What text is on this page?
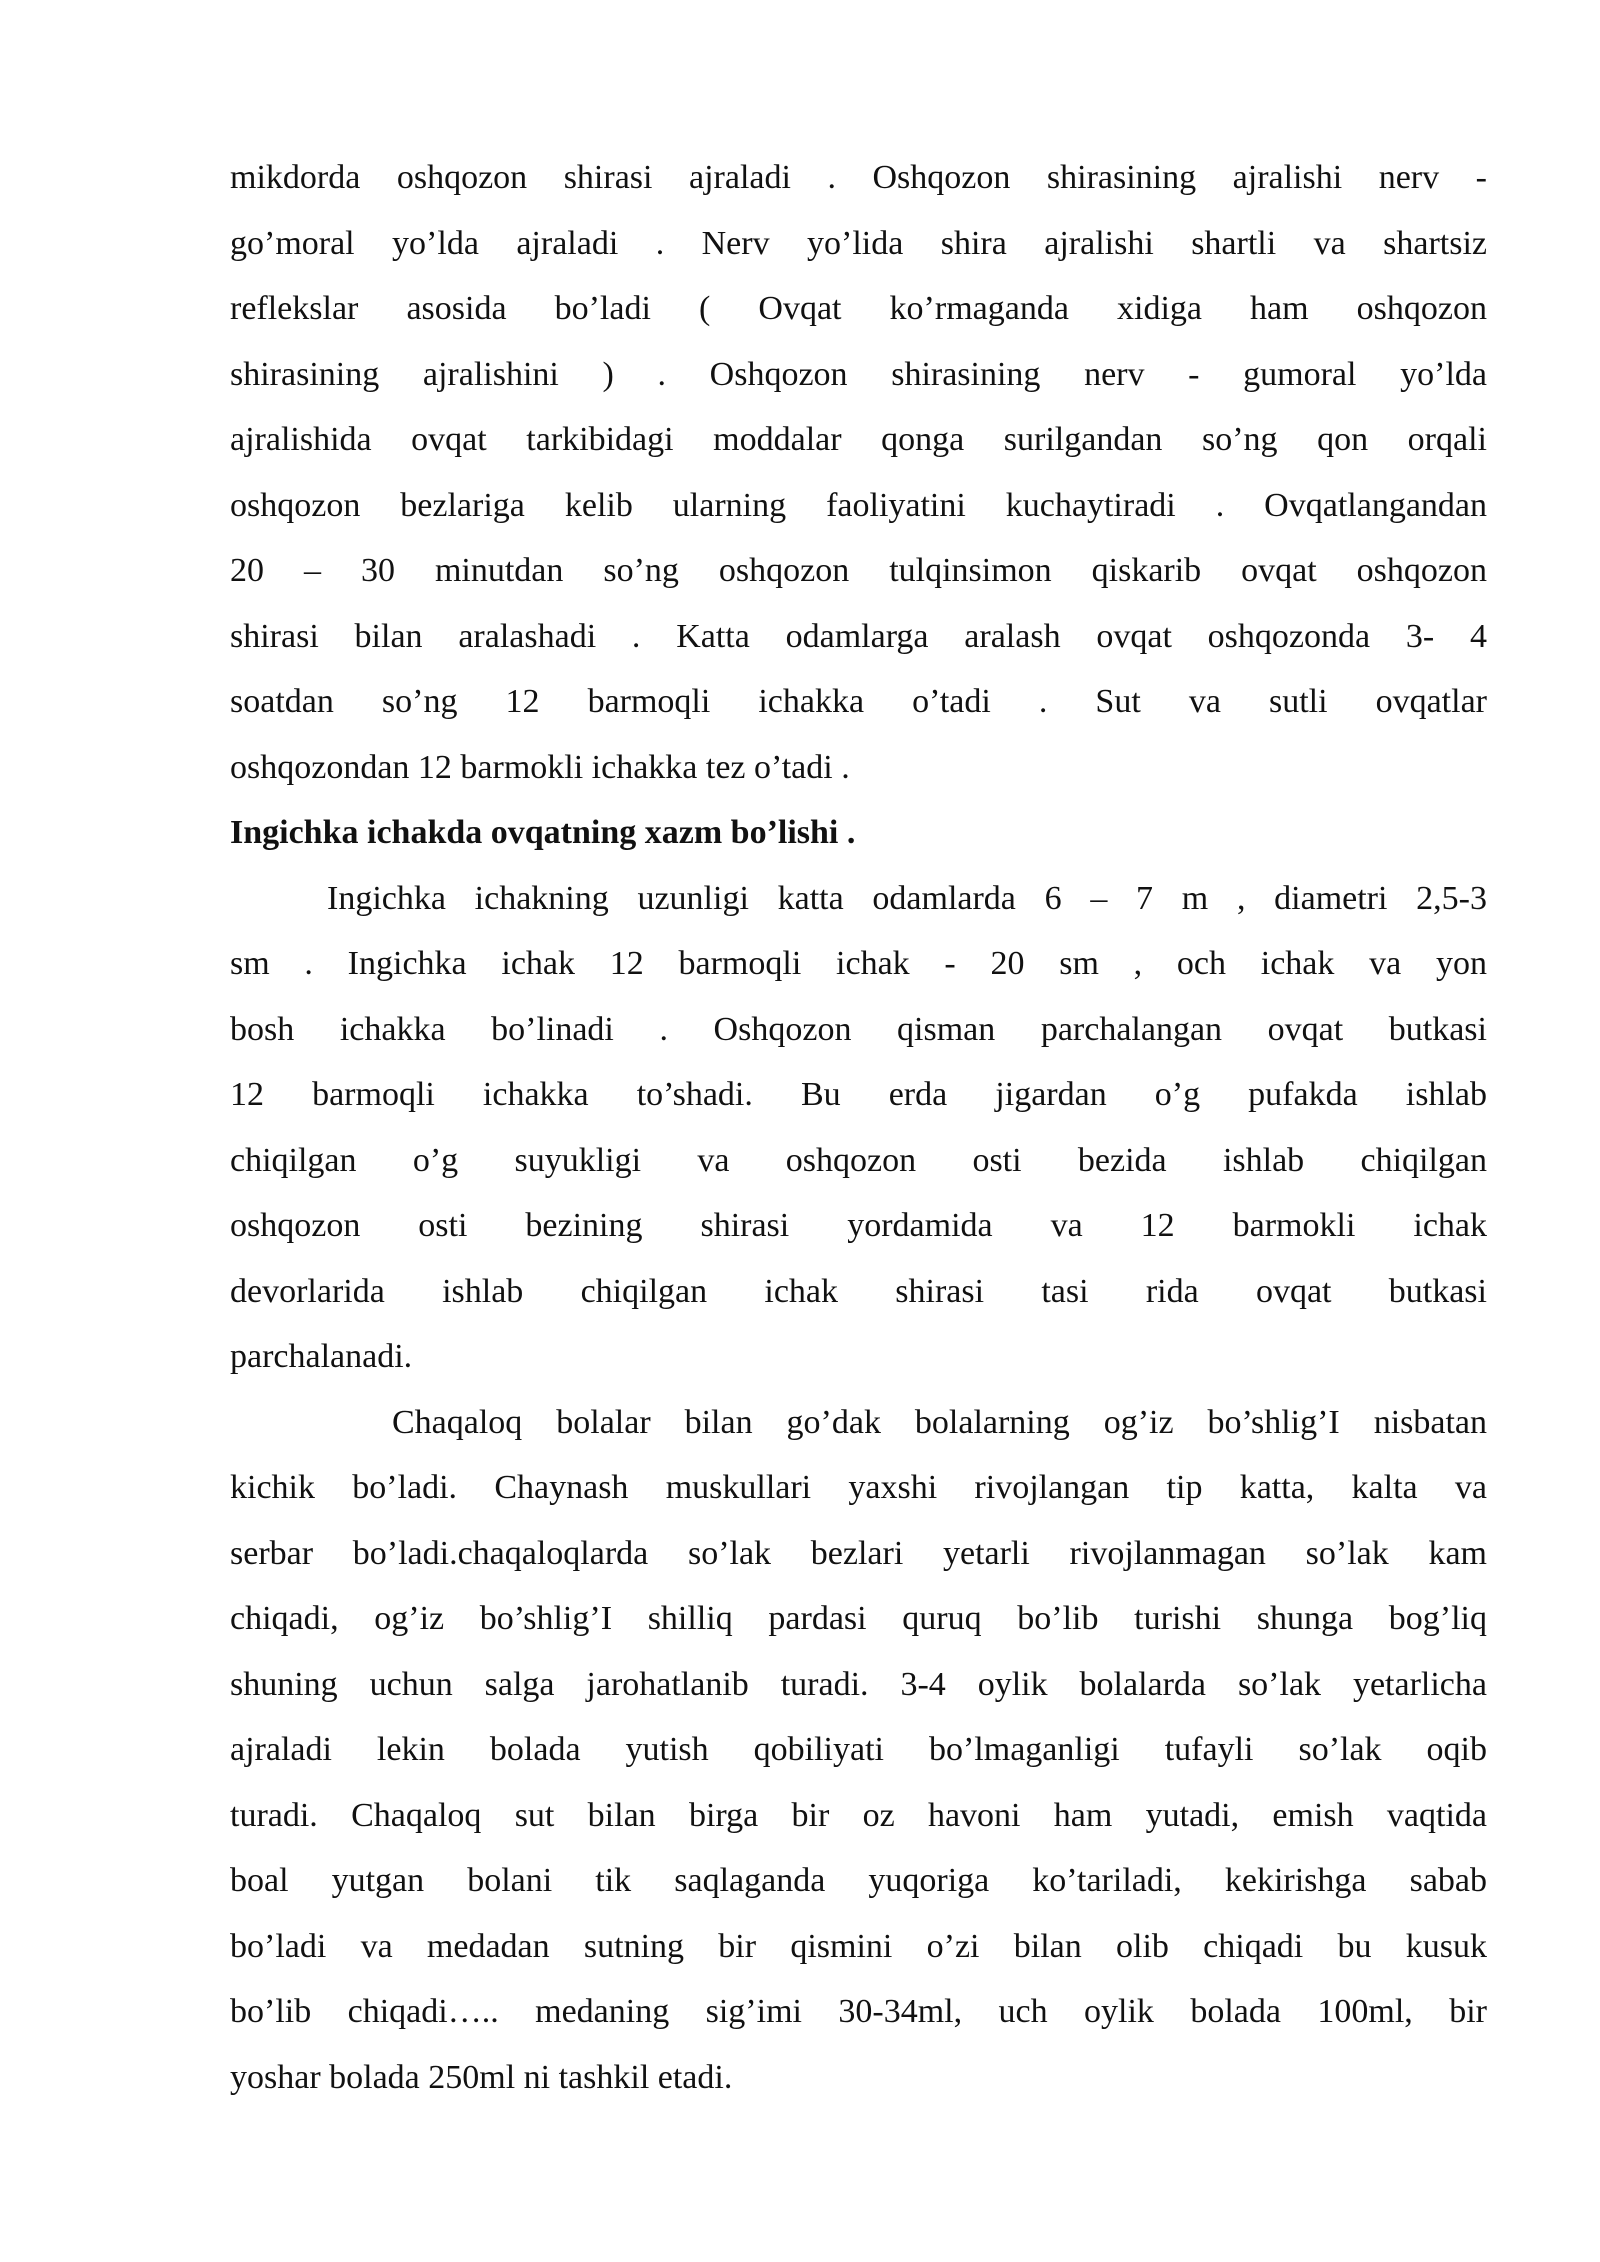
mikdorda oshqozon shirasi ajraladi . Oshqozon shirasining ajralishi nerv -
go’moral yo’lda ajraladi . Nerv yo’lida shira ajralishi shartli va shartsiz
reflekslar asosida bo’ladi ( Ovqat ko’rmaganda xidiga ham oshqozon
shirasining ajralishini ) . Oshqozon shirasining nerv - gumoral yo’lda
ajralishida ovqat tarkibidagi moddalar qonga surilgandan so’ng qon orqali
oshqozon bezlariga kelib ularning faoliyatini kuchaytiradi . Ovqatlangandan
20 – 30 minutdan so’ng oshqozon tulqinsimon qiskarib ovqat oshqozon
shirasi bilan aralashadi . Katta odamlarga aralash ovqat oshqozonda 3- 4
soatdan so’ng 12 barmoqli ichakka o’tadi . Sut va sutli ovqatlar
oshqozondan 12 barmokli ichakka tez o’tadi .
Ingichka ichakda ovqatning xazm bo’lishi .
Ingichka ichakning uzunligi katta odamlarda 6 – 7 m , diametri 2,5-3
sm . Ingichka ichak 12 barmoqli ichak - 20 sm , och ichak va yon
bosh ichakka bo’linadi . Oshqozon qisman parchalangan ovqat butkasi
12 barmoqli ichakka to’shadi. Bu erda jigardan o’g pufakda ishlab
chiqilgan o’g suyukligi va oshqozon osti bezida ishlab chiqilgan
oshqozon osti bezining shirasi yordamida va 12 barmokli ichak
devorlarida ishlab chiqilgan ichak shirasi tasi rida ovqat butkasi
parchalanadi.
Chaqaloq bolalar bilan go’dak bolalarning og’iz bo’shlig’I nisbatan
kichik bo’ladi. Chaynash muskullari yaxshi rivojlangan tip katta, kalta va
serbar bo’ladi.chaqaloqlarda so’lak bezlari yetarli rivojlanmagan so’lak kam
chiqadi, og’iz bo’shlig’I shilliq pardasi quruq bo’lib turishi shunga bog’liq
shuning uchun salga jarohatlanib turadi. 3-4 oylik bolalarda so’lak yetarlicha
ajraladi lekin bolada yutish qobiliyati bo’lmaganligi tufayli so’lak oqib
turadi. Chaqaloq sut bilan birga bir oz havoni ham yutadi, emish vaqtida
boal yutgan bolani tik saqlaganda yuqoriga ko’tariladi, kekirishga sabab
bo’ladi va medadan sutning bir qismini o’zi bilan olib chiqadi bu kusuk
bo’lib chiqadi….. medaning sig’imi 30-34ml, uch oylik bolada 100ml, bir
yoshar bolada 250ml ni tashkil etadi.
